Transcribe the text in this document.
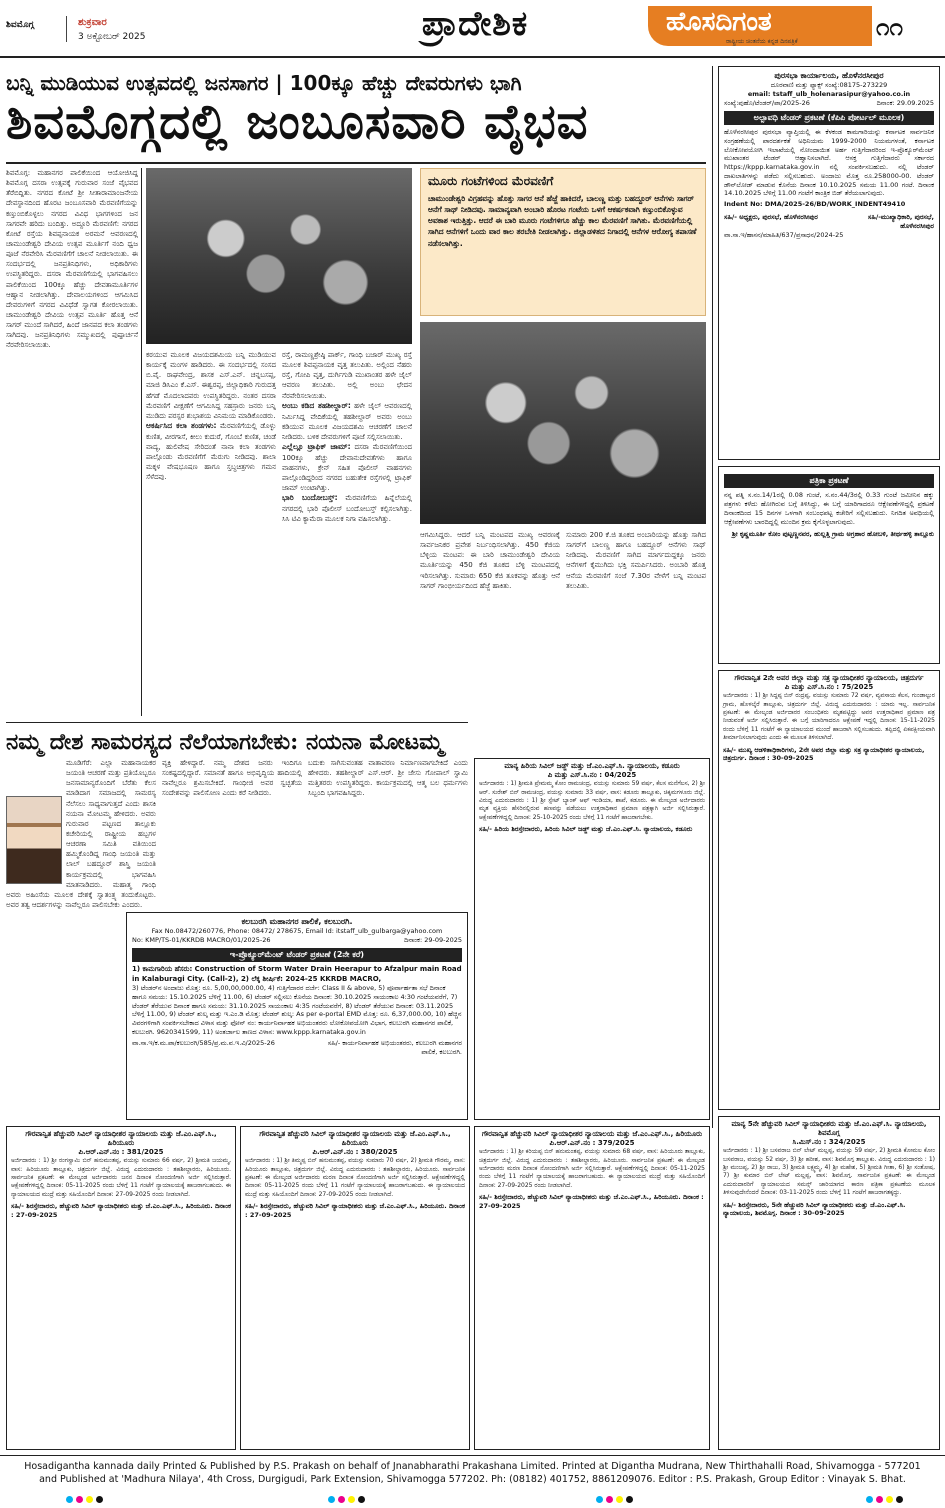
ಶಿವಮೊಗ್ಗ	ಶುಕ್ರವಾರ
3 ಅಕ್ಟೋಬರ್ 2025	ಪ್ರಾದೇಶಿಕ	ಹೊಸದಿಗಂತ
ರಾಷ್ಟ್ರೀಯ ಚಿಂತನೆಯ ಕನ್ನಡ ದಿನಪತ್ರಿಕೆ
೧೧
ಬನ್ನಿ ಮುಡಿಯುವ ಉತ್ಸವದಲ್ಲಿ ಜನಸಾಗರ | 100ಕ್ಕೂ ಹೆಚ್ಚು ದೇವರುಗಳು ಭಾಗಿ
ಶಿವಮೊಗ್ಗದಲ್ಲಿ ಜಂಬೂಸವಾರಿ ವೈಭವ
ಶಿವಮೊಗ್ಗ: ಮಹಾನಗರ ಪಾಲಿಕೆಯಿಂದ ಆಯೋಜಿಸಿದ್ದ ಶಿವಮೊಗ್ಗ ದಸರಾ ಉತ್ಸವಕ್ಕೆ ಗುರುವಾರ ಸಂಜೆ ವೈಭವದ ತೆರೆಬಿದ್ದಿತು. ನಗರದ ಕೋಟೆ ಶ್ರೀ ಸೀತಾರಾಮಾಂಜನೇಯ ದೇವಸ್ಥಾನದಿಂದ ಹೊರಟ ಜಂಬೂಸವಾರಿ ಮೆರವಣಿಗೆಯನ್ನು ಕಣ್ತುಂಬಿಕೊಳ್ಳಲು ನಗರದ ವಿವಿಧ ಭಾಗಗಳಿಂದ ಜನ ಸಾಗರವೇ ಹರಿದು ಬಂದಿತ್ತು. ಅದ್ದೂರಿ ಮೆರವಣಿಗೆ: ನಗರದ ಕೋಟೆ ರಸ್ತೆಯ ಶಿವಪ್ಪನಾಯಕ ಅರಮನೆ ಆವರಣದಲ್ಲಿ ಚಾಮುಂಡೇಶ್ವರಿ ದೇವಿಯ ಉತ್ಸವ ಮೂರ್ತಿಗೆ ನಂದಿ ಧ್ವಜ ಪೂಜೆ ನೆರವೇರಿಸಿ ಮೆರವಣಿಗೆಗೆ ಚಾಲನೆ ನೀಡಲಾಯಿತು. ಈ ಸಂದರ್ಭದಲ್ಲಿ ಜನಪ್ರತಿನಿಧಿಗಳು, ಅಧಿಕಾರಿಗಳು ಉಪಸ್ಥಿತರಿದ್ದರು. ದಸರಾ ಮೆರವಣಿಗೆಯಲ್ಲಿ ಭಾಗವಹಿಸಲು ಪಾಲಿಕೆಯಿಂದ 100ಕ್ಕೂ ಹೆಚ್ಚು ದೇವತಾಮೂರ್ತಿಗಳ ಆಹ್ವಾನ ನೀಡಲಾಗಿತ್ತು. ದೇವಾಲಯಗಳಿಂದ ಆಗಮಿಸಿದ ದೇವರುಗಳಿಗೆ ನಗರದ ವಿವಿಧೆಡೆ ಸ್ವಾಗತ ಕೋರಲಾಯಿತು. ಚಾಮುಂಡೇಶ್ವರಿ ದೇವಿಯ ಉತ್ಸವ ಮೂರ್ತಿ ಹೊತ್ತ ಆನೆ ಸಾಗರ್ ಮುಂದೆ ಸಾಗಿದರೆ, ಹಿಂದೆ ಜಾನಪದ ಕಲಾ ತಂಡಗಳು ಸಾಗಿದವು. ಜನಪ್ರತಿನಿಧಿಗಳು ಸಮ್ಮುಖದಲ್ಲಿ ಪುಷ್ಪಾರ್ಚನೆ ನೆರವೇರಿಸಲಾಯಿತು.
ಮೂರು ಗಂಟೆಗಳಿಂದ ಮೆರವಣಿಗೆ

ಚಾಮುಂಡೇಶ್ವರಿ ವಿಗ್ರಹವನ್ನು ಹೊತ್ತು ಸಾಗರ ಆನೆ ಹೆಜ್ಜೆ ಹಾಕಿದರೆ, ಬಾಲಣ್ಣ ಮತ್ತು ಬಹದ್ದೂರ್ ಆನೆಗಳು ಸಾಗರ್ ಆನೆಗೆ ಸಾಥ್ ನೀಡಿದವು. ಸಾಮಾನ್ಯವಾಗಿ ಅಂಬಾರಿ ಹೊರಟ ಗಂಟೆಯ ಒಳಗೆ ಆಕರ್ಷಕವಾಗಿ ಕಣ್ತುಂಬಿಕೊಳ್ಳುವ ಅವಕಾಶ ಇರುತ್ತಿತ್ತು. ಆದರೆ ಈ ಬಾರಿ ಮೂರು ಗಂಟೆಗಳಿಗೂ ಹೆಚ್ಚು ಕಾಲ ಮೆರವಣಿಗೆ ಸಾಗಿತು. ಮೆರವಣಿಗೆಯಲ್ಲಿ ಸಾಗಿದ ಆನೆಗಳಿಗೆ ಒಂದು ವಾರ ಕಾಲ ತರಬೇತಿ ನೀಡಲಾಗಿತ್ತು. ಜಿಲ್ಲಾಡಳಿತದ ನಿಗಾದಲ್ಲಿ ಆನೆಗಳ ಆರೋಗ್ಯ ತಪಾಸಣೆ ನಡೆಸಲಾಗಿತ್ತು.

ಕಠಯುವ ಮೂಲಕ ವಿಜಯದಶಮಿಯ ಬನ್ನಿ ಮುಡಿಯುವ ಕಾರ್ಯಕ್ಕೆ ಮಂಗಳ ಹಾಡಿದರು. ಈ ಸಂದರ್ಭದಲ್ಲಿ ಸಂಸದ ಬಿ.ವೈ. ರಾಘವೇಂದ್ರ, ಶಾಸಕ ಎಸ್.ಎನ್. ಚನ್ನಬಸಪ್ಪ, ಮಾಜಿ ಡಿಸಿಎಂ ಕೆ.ಎಸ್. ಈಶ್ವರಪ್ಪ, ಜಿಲ್ಲಾಧಿಕಾರಿ ಗುರುದತ್ತ ಹೆಗಡೆ ಮೊದಲಾದವರು ಉಪಸ್ಥಿತರಿದ್ದರು. ನಂತರ ದಸರಾ ಮೆರವಣಿಗೆ ವೀಕ್ಷಣೆಗೆ ಆಗಮಿಸಿದ್ದ ಸಹಸ್ರಾರು ಜನರು ಬನ್ನಿ ಮುಡಿದು ಪರಸ್ಪರ ಶುಭಾಶಯ ವಿನಿಮಯ ಮಾಡಿಕೊಂಡರು.
ಆಕರ್ಷಿಸಿದ ಕಲಾ ತಂಡಗಳು: ಮೆರವಣಿಗೆಯಲ್ಲಿ ಡೊಳ್ಳು ಕುಣಿತ, ವೀರಗಾಸೆ, ಕೀಲು ಕುದುರೆ, ಗೊಂಬೆ ಕುಣಿತ, ಚಂಡೆ ವಾದ್ಯ, ಹುಲಿವೇಷ ಸೇರಿದಂತೆ ನಾನಾ ಕಲಾ ತಂಡಗಳು ಪಾಲ್ಗೊಂಡು ಮೆರವಣಿಗೆಗೆ ಮೆರುಗು ನೀಡಿದವು. ಶಾಲಾ ಮಕ್ಕಳ ವೇಷಭೂಷಣ ಹಾಗೂ ಸ್ತಬ್ಧಚಿತ್ರಗಳು ಗಮನ ಸೆಳೆದವು.
ರಸ್ತೆ, ರಾಮಣ್ಣಶ್ರೇಷ್ಠಿ ಪಾರ್ಕ್, ಗಾಂಧಿ ಬಜಾರ್ ಮುಖ್ಯ ರಸ್ತೆ ಮೂಲಕ ಶಿವಪ್ಪನಾಯಕ ವೃತ್ತ ತಲುಪಿತು. ಅಲ್ಲಿಂದ ನೆಹರು ರಸ್ತೆ, ಗೋಪಿ ವೃತ್ತ, ದುರ್ಗಿಗುಡಿ ಮುಖಾಂತರ ಹಳೇ ಜೈಲ್ ಆವರಣ ತಲುಪಿತು. ಅಲ್ಲಿ ಅಂಬು ಛೇದನ ನೆರವೇರಿಸಲಾಯಿತು.
ಅಂಬು ಕಡಿದ ತಹಶೀಲ್ದಾರ್: ಹಳೇ ಜೈಲ್ ಆವರಣದಲ್ಲಿ ನಿರ್ಮಿಸಿದ್ದ ವೇದಿಕೆಯಲ್ಲಿ ತಹಶೀಲ್ದಾರ್ ಅವರು ಅಂಬು ಕಡಿಯುವ ಮೂಲಕ ವಿಜಯದಶಮಿ ಆಚರಣೆಗೆ ಚಾಲನೆ ನೀಡಿದರು. ಬಳಿಕ ದೇವರುಗಳಿಗೆ ಪೂಜೆ ಸಲ್ಲಿಸಲಾಯಿತು.
ಎಲ್ಲೆಲ್ಲೂ ಟ್ರಾಫಿಕ್ ಜಾಮ್: ದಸರಾ ಮೆರವಣಿಗೆಯಿಂದ 100ಕ್ಕೂ ಹೆಚ್ಚು ದೇವಾನುದೇವತೆಗಳು ಹಾಗೂ ವಾಹನಗಳು, ಕ್ರೇನ್ ಸಹಿತ ಪೊಲೀಸ್ ವಾಹನಗಳು ಪಾಲ್ಗೊಂಡಿದ್ದರಿಂದ ನಗರದ ಬಹುತೇಕ ರಸ್ತೆಗಳಲ್ಲಿ ಟ್ರಾಫಿಕ್ ಜಾಮ್ ಉಂಟಾಗಿತ್ತು.
ಭಾರಿ ಬಂದೋಬಸ್ತ್: ಮೆರವಣಿಗೆಯ ಹಿನ್ನೆಲೆಯಲ್ಲಿ ನಗರದಲ್ಲಿ ಭಾರಿ ಪೊಲೀಸ್ ಬಂದೋಬಸ್ತ್ ಕಲ್ಪಿಸಲಾಗಿತ್ತು. ಸಿಸಿ ಟಿವಿ ಕ್ಯಾಮೆರಾ ಮೂಲಕ ನಿಗಾ ವಹಿಸಲಾಗಿತ್ತು.
ಆಗಮಿಸಿದ್ದರು. ಆದರೆ ಬನ್ನಿ ಮಂಟಪದ ಮುಖ್ಯ ಆವರಣಕ್ಕೆ ಸಾರ್ವಜನಿಕರ ಪ್ರವೇಶ ನಿರ್ಬಂಧಿಸಲಾಗಿತ್ತು. 450 ಕೆಜಿಯ ಬೆಳ್ಳಿಯ ಮಂಟಪ: ಈ ಬಾರಿ ಚಾಮುಂಡೇಶ್ವರಿ ದೇವಿಯ ಮೂರ್ತಿಯನ್ನು 450 ಕೆಜಿ ತೂಕದ ಬೆಳ್ಳಿ ಮಂಟಪದಲ್ಲಿ ಇರಿಸಲಾಗಿತ್ತು. ಸುಮಾರು 650 ಕೆಜಿ ತೂಕವನ್ನು ಹೊತ್ತು ಆನೆ ಸಾಗರ್ ಗಾಂಭೀರ್ಯದಿಂದ ಹೆಜ್ಜೆ ಹಾಕಿತು.
ಸುಮಾರು 200 ಕೆ.ಜಿ ತೂಕದ ಅಂಬಾರಿಯನ್ನು ಹೊತ್ತು ಸಾಗಿದ ಸಾಗರ್‌ಗೆ ಬಾಲಣ್ಣ ಹಾಗೂ ಬಹದ್ದೂರ್ ಆನೆಗಳು ಸಾಥ್ ನೀಡಿದವು. ಮೆರವಣಿಗೆ ಸಾಗಿದ ಮಾರ್ಗದುದ್ದಕ್ಕೂ ಜನರು ಆನೆಗಳಿಗೆ ಕೈಮುಗಿದು ಭಕ್ತಿ ಸಮರ್ಪಿಸಿದರು. ಅಂಬಾರಿ ಹೊತ್ತ ಆನೆಯ ಮೆರವಣಿಗೆ ಸಂಜೆ 7.30ರ ವೇಳೆಗೆ ಬನ್ನಿ ಮಂಟಪ ತಲುಪಿತು.
ನಮ್ಮ ದೇಶ ಸಾಮರಸ್ಯದ ನೆಲೆಯಾಗಬೇಕು: ನಯನಾ ಮೋಟಮ್ಮ
ಮೂಡಿಗೆರೆ: ಎಲ್ಲಾ ಮಹಾನಾಯಕರ ಜಯಂತಿ ಆಚರಣೆ ಮತ್ತು ಪ್ರತಿಯೊಬ್ಬರೂ ಜನಸಾಮಾನ್ಯರೊಂದಿಗೆ ಬೆರೆತು ಕೆಲಸ ಮಾಡಿದಾಗ ಸಮಾಜದಲ್ಲಿ ಸಾಮರಸ್ಯ ನೆಲೆಸಲು ಸಾಧ್ಯವಾಗುತ್ತದೆ ಎಂದು ಶಾಸಕಿ ನಯನಾ ಮೋಟಮ್ಮ ಹೇಳಿದರು. ಅವರು ಗುರುವಾರ ಪಟ್ಟಣದ ತಾಲ್ಲೂಕು ಕಚೇರಿಯಲ್ಲಿ ರಾಷ್ಟ್ರೀಯ ಹಬ್ಬಗಳ ಆಚರಣಾ ಸಮಿತಿ ವತಿಯಿಂದ ಹಮ್ಮಿಕೊಂಡಿದ್ದ ಗಾಂಧಿ ಜಯಂತಿ ಮತ್ತು ಲಾಲ್ ಬಹದ್ದೂರ್ ಶಾಸ್ತ್ರಿ ಜಯಂತಿ ಕಾರ್ಯಕ್ರಮದಲ್ಲಿ ಭಾಗವಹಿಸಿ ಮಾತನಾಡಿದರು. ಮಹಾತ್ಮ ಗಾಂಧಿ ಅವರು ಅಹಿಂಸೆಯ ಮೂಲಕ ದೇಶಕ್ಕೆ ಸ್ವಾತಂತ್ರ್ಯ ತಂದುಕೊಟ್ಟರು. ಅವರ ತತ್ವ ಆದರ್ಶಗಳನ್ನು ನಾವೆಲ್ಲರೂ ಪಾಲಿಸಬೇಕು ಎಂದರು.
ವ್ಯಕ್ತಿ ಹೇಳಿದ್ದಾರೆ. ನಮ್ಮ ದೇಶದ ಜನರು ಇಂದಿಗೂ ಸಂಕಷ್ಟದಲ್ಲಿದ್ದಾರೆ. ಸಮಾನತೆ ಹಾಗೂ ಅಭಿವೃದ್ಧಿಯ ಹಾದಿಯಲ್ಲಿ ನಾವೆಲ್ಲರೂ ಶ್ರಮಿಸಬೇಕಿದೆ. ಗಾಂಧೀಜಿ ಅವರ ಸ್ವಚ್ಛತೆಯ ಸಂದೇಶವನ್ನು ಪಾಲಿಸೋಣ ಎಂದು ಕರೆ ನೀಡಿದರು.
ಬದುಕು ಸಾಗಿಸುವಂತಹ ವಾತಾವರಣ ನಿರ್ಮಾಣವಾಗಬೇಕಿದೆ ಎಂದು ಹೇಳಿದರು. ತಹಶೀಲ್ದಾರ್ ಎಸ್.ಆರ್. ಶ್ರೀ ಜೇಸು ಗೋಪಾಲ್ ಸ್ವಾಮಿ ಮತ್ತಿತರರು ಉಪಸ್ಥಿತರಿದ್ದರು. ಕಾರ್ಯಕ್ರಮದಲ್ಲಿ ಆತ್ಮ ಬಲ ಧರ್ಮಗಳು ಸಿಬ್ಬಂದಿ ಭಾಗವಹಿಸಿದ್ದರು.
ಕಲಬುರಗಿ ಮಹಾನಗರ ಪಾಲಿಕೆ, ಕಲಬುರಗಿ.
Fax No.08472/260776, Phone: 08472/ 278675, Email Id: itstaff_ulb_gulbarga@yahoo.com
No: KMP/TS-01/KKRDB MACRO/01/2025-26	ದಿನಾಂಕ: 29-09-2025
ಇ-ಪ್ರೊಕ್ಯೂರ್‌ಮೆಂಟ್ ಟೆಂಡರ್ ಪ್ರಕಟಣೆ (2ನೇ ಕರೆ)
1) ಕಾಮಗಾರಿಯ ಹೆಸರು: Construction of Storm Water Drain Heerapur to Afzalpur main Road in Kalaburagi City. (Call-2), 2) ಲೆಕ್ಕ ಶೀರ್ಷಿಕೆ: 2024-25 KKRDB MACRO,
3) ಟೆಂಡರ್‌ನ ಅಂದಾಜು ಮೊತ್ತ: ರೂ. 5,00,00,000.00, 4) ಗುತ್ತಿಗೆದಾರರ ದರ್ಜೆ: Class II & above, 5) ಪೂರ್ವಾರ್ಹತಾ ಸಭೆ ದಿನಾಂಕ ಹಾಗೂ ಸಮಯ: 15.10.2025 ಬೆಳಿಗ್ಗೆ 11.00, 6) ಟೆಂಡರ್ ಸಲ್ಲಿಸಲು ಕೊನೆಯ ದಿನಾಂಕ: 30.10.2025 ಸಾಯಂಕಾಲ 4:30 ಗಂಟೆಯವರೆಗೆ, 7) ಟೆಂಡರ್ ತೆರೆಯುವ ದಿನಾಂಕ ಹಾಗೂ ಸಮಯ: 31.10.2025 ಸಾಯಂಕಾಲ 4:35 ಗಂಟೆಯವರೆಗೆ, 8) ಟೆಂಡರ್ ತೆರೆಯುವ ದಿನಾಂಕ: 03.11.2025 ಬೆಳಿಗ್ಗೆ 11.00, 9) ಟೆಂಡರ್ ಶುಲ್ಕ ಮತ್ತು ಇ.ಎಂ.ಡಿ ಮೊತ್ತ: ಟೆಂಡರ್ ಶುಲ್ಕ: As per e-portal EMD ಮೊತ್ತ: ರೂ. 6,37,000.00, 10) ಹೆಚ್ಚಿನ ವಿವರಗಳಿಗಾಗಿ ಸಂಪರ್ಕಿಸಬೇಕಾದ ವಿಳಾಸ ಮತ್ತು ಫೋನ್ ನಂ: ಕಾರ್ಯನಿರ್ವಾಹಕ ಅಭಿಯಂತರರು ಲೋಕೋಪಯೋಗಿ ವಿಭಾಗ, ಕಲಬುರಗಿ ಮಹಾನಗರ ಪಾಲಿಕೆ, ಕಲಬುರಗಿ. 9620341599, 11) ಅಂತರ್ಜಾಲ ತಾಣದ ವಿಳಾಸ: www.kppp.karnataka.gov.in
ವಾ.ಸಾ.ಇ/ಕ.ಮ.ಪಾ/ಕಲಬುರಗಿ/585/ಪ್ರ.ಮ.ವ.ಇ.ವಿ/2025-26	ಸಹಿ/- ಕಾರ್ಯನಿರ್ವಾಹಕ ಅಭಿಯಂತರರು, ಕಲಬುರಗಿ ಮಹಾನಗರ ಪಾಲಿಕೆ, ಕಲಬುರಗಿ.
ಪುರಸಭಾ ಕಾರ್ಯಾಲಯ, ಹೊಳೆನರಸೀಪುರ
ದೂರವಾಣಿ ಮತ್ತು ಫ್ಯಾಕ್ಸ್ ಸಂಖ್ಯೆ:08175-273229
email: tstaff_ulb_holenarasipur@yahoo.co.in
ಸಂಖ್ಯೆ:ಪುಹೊ/ಟೆಂಡರ್/ಪಾ/2025-26	ದಿನಾಂಕ: 29.09.2025
ಅಲ್ಪಾವಧಿ ಟೆಂಡರ್ ಪ್ರಕಟಣೆ (ಕೆಪಿಪಿ ಪೋರ್ಟಲ್ ಮೂಲಕ)
ಹೊಳೆನರಸೀಪುರ ಪುರಸಭಾ ವ್ಯಾಪ್ತಿಯಲ್ಲಿ ಈ ಕೆಳಕಂಡ ಕಾಮಗಾರಿಯನ್ನು ಕರ್ನಾಟಕ ಸಾರ್ವಜನಿಕ ಸಂಗ್ರಹಣೆಯಲ್ಲಿ ಪಾರದರ್ಶಕತೆ ಅಧಿನಿಯಮ 1999-2000 ನಿಯಮಗಳಂತೆ, ಕರ್ನಾಟಕ ಲೋಕೋಪಯೋಗಿ ಇಲಾಖೆಯಲ್ಲಿ ನೋಂದಾಯಿತ ಅರ್ಹ ಗುತ್ತಿಗೆದಾರರಿಂದ ಇ-ಪ್ರೊಕ್ಯೂರ್‌ಮೆಂಟ್ ಮುಖಾಂತರ ಟೆಂಡರ್ ಆಹ್ವಾನಿಸಲಾಗಿದೆ. ಆಸಕ್ತ ಗುತ್ತಿಗೆದಾರರು ಸರ್ಕಾರದ https://kppp.karnataka.gov.in ನಲ್ಲಿ ಸಂಪರ್ಕಿಸಬಹುದು. ನಲ್ಲಿ ಟೆಂಡರ್ ದಾಖಲಾತಿಗಳನ್ನು ಪಡೆದು ಸಲ್ಲಿಸಬಹುದು. ಅಂದಾಜು ಮೊತ್ತ ರೂ.258000-00. ಟೆಂಡರ್ ಡೌನ್‌ಲೋಡ್ ಮಾಡುವ ಕೊನೆಯ ದಿನಾಂಕ 10.10.2025 ಸಮಯ 11.00 ಗಂಟೆ. ದಿನಾಂಕ 14.10.2025 ಬೆಳಿಗ್ಗೆ 11.00 ಗಂಟೆಗೆ ಕಾಂತ್ರಿಕ ಬಿಡ್ ತೆರೆಯಲಾಗುವುದು.
Indent No: DMA/2025-26/BD/WORK_INDENT49410
ಸಹಿ/- ಅಧ್ಯಕ್ಷರು, ಪುರಸಭೆ, ಹೊಳೆನರಸೀಪುರ	ಸಹಿ/-ಮುಖ್ಯಾಧಿಕಾರಿ, ಪುರಸಭೆ, ಹೊಳೆನರಸೀಪುರ
ವಾ.ಸಾ.ಇ/ಹಾಸನ/ಮಾಹಿತಿ/637/ಪ್ರಸಾಧನ/2024-25
ಪತ್ರಿಕಾ ಪ್ರಕಟಣೆ
ನನ್ನ ಪತ್ನಿ ಸ.ನಂ.14/1ರಲ್ಲಿ 0.08 ಗುಂಟೆ, ಸ.ನಂ.44/3ರಲ್ಲಿ 0.33 ಗುಂಟೆ ಜಮೀನಿನ ಹಕ್ಕು ಪತ್ರಗಳು ಕಳೆದು ಹೋಗಿರುವ ಬಗ್ಗೆ ತಿಳಿಸಿದ್ದು, ಈ ಬಗ್ಗೆ ಯಾರಿಗಾದರೂ ಆಕ್ಷೇಪಣೆಗಳಿದ್ದಲ್ಲಿ ಪ್ರಕಟಣೆ ದಿನಾಂಕದಿಂದ 15 ದಿನಗಳ ಒಳಗಾಗಿ ಸಂಬಂಧಪಟ್ಟ ಕಚೇರಿಗೆ ಸಲ್ಲಿಸಬಹುದು. ನಿಗದಿತ ಅವಧಿಯಲ್ಲಿ ಆಕ್ಷೇಪಣೆಗಳು ಬಾರದಿದ್ದಲ್ಲಿ ಮುಂದಿನ ಕ್ರಮ ಕೈಗೊಳ್ಳಲಾಗುವುದು.
ಶ್ರೀ ಕೃಷ್ಣಮೂರ್ತಿ ಕೋಂ ಪುಟ್ಟಣ್ಣನವರ, ಹುಲ್ಲತ್ತಿ ಗ್ರಾಮ ಅಗ್ರಹಾರ ಹೋಬಳಿ, ತೀರ್ಥಹಳ್ಳಿ ತಾಲ್ಲೂಕು
ಗೌರವಾನ್ವಿತ 2ನೇ ಅಪರ ಜಿಲ್ಲಾ ಮತ್ತು ಸತ್ರ ನ್ಯಾಯಾಧೀಶರ ನ್ಯಾಯಾಲಯ, ಚಿತ್ರದುರ್ಗ
ಪಿ ಮತ್ತು ಎಸ್.ಸಿ.ನಂ : 75/2025
ಅರ್ಜಿದಾರರು : 1) ಶ್ರೀ ಸಿದ್ದಪ್ಪ ಬಿನ್ ರುದ್ರಪ್ಪ, ವಯಸ್ಸು ಸುಮಾರು 72 ವರ್ಷ, ವ್ಯವಸಾಯ ಕೆಲಸ, ಗುಂಡಾಲ್ಪುರ ಗ್ರಾಮ, ಹೊಳಲ್ಕೆರೆ ತಾಲ್ಲೂಕು, ಚಿತ್ರದುರ್ಗ ಜಿಲ್ಲೆ. ವಿರುದ್ಧ ಎದುರುದಾರರು : ಯಾರು ಇಲ್ಲ. ಸಾರ್ವಜನಿಕ ಪ್ರಕಟಣೆ: ಈ ಮೇಲ್ಕಂಡ ಅರ್ಜಿದಾರರ ಸಂಬಂಧಿಕರು ಮೃತಪಟ್ಟಿದ್ದು ಅವರ ಉತ್ತರಾಧಿಕಾರ ಪ್ರಮಾಣ ಪತ್ರ ನೀಡುವಂತೆ ಅರ್ಜಿ ಸಲ್ಲಿಸಿರುತ್ತಾರೆ. ಈ ಬಗ್ಗೆ ಯಾರಿಗಾದರೂ ಆಕ್ಷೇಪಣೆ ಇದ್ದಲ್ಲಿ ದಿನಾಂಕ: 15-11-2025 ರಂದು ಬೆಳಿಗ್ಗೆ 11 ಗಂಟೆಗೆ ಈ ನ್ಯಾಯಾಲಯದ ಮುಂದೆ ಹಾಜರಾಗಿ ಸಲ್ಲಿಸಬಹುದು. ತಪ್ಪಿದಲ್ಲಿ ಏಕಪಕ್ಷೀಯವಾಗಿ ತೀರ್ಮಾನಿಸಲಾಗುವುದು ಎಂದು ಈ ಮೂಲಕ ತಿಳಿಸಲಾಗಿದೆ.
ಸಹಿ/- ಮುಖ್ಯ ಆಡಳಿತಾಧಿಕಾರಿಗಳು, 2ನೇ ಅಪರ ಜಿಲ್ಲಾ ಮತ್ತು ಸತ್ರ ನ್ಯಾಯಾಧೀಶರ ನ್ಯಾಯಾಲಯ, ಚಿತ್ರದುರ್ಗ. ದಿನಾಂಕ : 30-09-2025
ಮಾನ್ಯ ಹಿರಿಯ ಸಿವಿಲ್ ಜಡ್ಜ್ ಮತ್ತು ಜೆ.ಎಂ.ಎಫ್.ಸಿ. ನ್ಯಾಯಾಲಯ, ಕಡೂರು
ಪಿ ಮತ್ತು ಎಸ್.ಸಿ.ನಂ : 04/2025
ಅರ್ಜಿದಾರರು : 1) ಶ್ರೀಮತಿ ಪ್ರೇಮಮ್ಮ ಕೋಂ ರಾಮಚಂದ್ರ, ವಯಸ್ಸು ಸುಮಾರು 59 ವರ್ಷ, ಕೆಲಸ ಮನೆಗೆಲಸ, 2) ಶ್ರೀ ಆರ್. ಸುರೇಶ್ ಬಿನ್ ರಾಮಚಂದ್ರ, ವಯಸ್ಸು ಸುಮಾರು 33 ವರ್ಷ, ವಾಸ: ಕಡೂರು ತಾಲ್ಲೂಕು, ಚಿಕ್ಕಮಗಳೂರು ಜಿಲ್ಲೆ. ವಿರುದ್ಧ ಎದುರುದಾರರು : 1) ಶ್ರೀ ಸ್ಟೇಟ್ ಬ್ಯಾಂಕ್ ಆಫ್ ಇಂಡಿಯಾ, ಶಾಖೆ, ಕಡೂರು. ಈ ಮೇಲ್ಕಂಡ ಅರ್ಜಿದಾರರು ಮೃತ ವ್ಯಕ್ತಿಯ ಹೆಸರಿನಲ್ಲಿರುವ ಹಣವನ್ನು ಪಡೆಯಲು ಉತ್ತರಾಧಿಕಾರ ಪ್ರಮಾಣ ಪತ್ರಕ್ಕಾಗಿ ಅರ್ಜಿ ಸಲ್ಲಿಸಿರುತ್ತಾರೆ. ಆಕ್ಷೇಪಣೆಗಳಿದ್ದಲ್ಲಿ ದಿನಾಂಕ: 25-10-2025 ರಂದು ಬೆಳಿಗ್ಗೆ 11 ಗಂಟೆಗೆ ಹಾಜರಾಗಬೇಕು.
ಸಹಿ/- ಹಿರಿಯ ಶಿರಸ್ತೇದಾರರು, ಹಿರಿಯ ಸಿವಿಲ್ ಜಡ್ಜ್ ಮತ್ತು ಜೆ.ಎಂ.ಎಫ್.ಸಿ. ನ್ಯಾಯಾಲಯ, ಕಡೂರು
ಮಾನ್ಯ 5ನೇ ಹೆಚ್ಚುವರಿ ಸಿವಿಲ್ ನ್ಯಾಯಾಧೀಶರು ಮತ್ತು ಜೆ.ಎಂ.ಎಫ್.ಸಿ. ನ್ಯಾಯಾಲಯ, ಶಿವಮೊಗ್ಗ
ಸಿ.ಮಿಸ್.ನಂ : 324/2025
ಅರ್ಜಿದಾರರು : 1) ಶ್ರೀ ಬಸವರಾಜ ಬಿನ್ ಲೇಟ್ ಮಲ್ಲಪ್ಪ, ವಯಸ್ಸು 59 ವರ್ಷ, 2) ಶ್ರೀಮತಿ ಕೋಮಲ ಕೋಂ ಬಸವರಾಜ, ವಯಸ್ಸು 52 ವರ್ಷ, 3) ಶ್ರೀ ಹರೀಶ, ವಾಸ: ಶಿವಮೊಗ್ಗ ತಾಲ್ಲೂಕು. ವಿರುದ್ಧ ಎದುರುದಾರರು : 1) ಶ್ರೀ ಮಂಜಪ್ಪ, 2) ಶ್ರೀ ರಾಜು, 3) ಶ್ರೀಮತಿ ಲಕ್ಷ್ಮಮ್ಮ, 4) ಶ್ರೀ ಮಹೇಶ, 5) ಶ್ರೀಮತಿ ಗೀತಾ, 6) ಶ್ರೀ ಸಂತೋಷ, 7) ಶ್ರೀ ಕುಮಾರ ಬಿನ್ ಲೇಟ್ ಮಲ್ಲಪ್ಪ, ವಾಸ: ಶಿವಮೊಗ್ಗ. ಸಾರ್ವಜನಿಕ ಪ್ರಕಟಣೆ: ಈ ಮೇಲ್ಕಂಡ ಎದುರುದಾರರಿಗೆ ನ್ಯಾಯಾಲಯದ ಸಮನ್ಸ್ ಜಾರಿಯಾಗದ ಕಾರಣ ಪತ್ರಿಕಾ ಪ್ರಕಟಣೆಯ ಮೂಲಕ ತಿಳಿಸುವುದೇನೆಂದರೆ ದಿನಾಂಕ: 03-11-2025 ರಂದು ಬೆಳಿಗ್ಗೆ 11 ಗಂಟೆಗೆ ಹಾಜರಾಗತಕ್ಕದ್ದು.
ಸಹಿ/- ಶಿರಸ್ತೇದಾರರು, 5ನೇ ಹೆಚ್ಚುವರಿ ಸಿವಿಲ್ ನ್ಯಾಯಾಧೀಶರು ಮತ್ತು ಜೆ.ಎಂ.ಎಫ್.ಸಿ. ನ್ಯಾಯಾಲಯ, ಶಿವಮೊಗ್ಗ. ದಿನಾಂಕ : 30-09-2025
ಗೌರವಾನ್ವಿತ ಹೆಚ್ಚುವರಿ ಸಿವಿಲ್ ನ್ಯಾಯಾಧೀಶರ ನ್ಯಾಯಾಲಯ ಮತ್ತು ಜೆ.ಎಂ.ಎಫ್.ಸಿ., ಹಿರಿಯೂರು
ಪಿ.ಆರ್.ಎನ್.ನಂ : 381/2025
ಅರ್ಜಿದಾರರು : 1) ಶ್ರೀ ರಂಗಸ್ವಾಮಿ ಬಿನ್ ಹನುಮಂತಪ್ಪ, ವಯಸ್ಸು ಸುಮಾರು 66 ವರ್ಷ, 2) ಶ್ರೀಮತಿ ಜಯಮ್ಮ, ವಾಸ: ಹಿರಿಯೂರು ತಾಲ್ಲೂಕು, ಚಿತ್ರದುರ್ಗ ಜಿಲ್ಲೆ. ವಿರುದ್ಧ ಎದುರುದಾರರು : ತಹಶೀಲ್ದಾರರು, ಹಿರಿಯೂರು. ಸಾರ್ವಜನಿಕ ಪ್ರಕಟಣೆ: ಈ ಮೇಲ್ಕಂಡ ಅರ್ಜಿದಾರರು ಜನನ ದಿನಾಂಕ ನೋಂದಣಿಗಾಗಿ ಅರ್ಜಿ ಸಲ್ಲಿಸಿರುತ್ತಾರೆ. ಆಕ್ಷೇಪಣೆಗಳಿದ್ದಲ್ಲಿ ದಿನಾಂಕ: 05-11-2025 ರಂದು ಬೆಳಿಗ್ಗೆ 11 ಗಂಟೆಗೆ ನ್ಯಾಯಾಲಯಕ್ಕೆ ಹಾಜರಾಗಬಹುದು. ಈ ನ್ಯಾಯಾಲಯದ ಮುದ್ರೆ ಮತ್ತು ಸಹಿಯೊಂದಿಗೆ ದಿನಾಂಕ: 27-09-2025 ರಂದು ನೀಡಲಾಗಿದೆ.
ಸಹಿ/- ಶಿರಸ್ತೇದಾರರು, ಹೆಚ್ಚುವರಿ ಸಿವಿಲ್ ನ್ಯಾಯಾಧೀಶರು ಮತ್ತು ಜೆ.ಎಂ.ಎಫ್.ಸಿ., ಹಿರಿಯೂರು. ದಿನಾಂಕ : 27-09-2025
ಗೌರವಾನ್ವಿತ ಹೆಚ್ಚುವರಿ ಸಿವಿಲ್ ನ್ಯಾಯಾಧೀಶರ ನ್ಯಾಯಾಲಯ ಮತ್ತು ಜೆ.ಎಂ.ಎಫ್.ಸಿ., ಹಿರಿಯೂರು
ಪಿ.ಆರ್.ಎನ್.ನಂ : 380/2025
ಅರ್ಜಿದಾರರು : 1) ಶ್ರೀ ತಿಮ್ಮಪ್ಪ ಬಿನ್ ಹನುಮಂತಪ್ಪ, ವಯಸ್ಸು ಸುಮಾರು 70 ವರ್ಷ, 2) ಶ್ರೀಮತಿ ಗೌರಮ್ಮ, ವಾಸ: ಹಿರಿಯೂರು ತಾಲ್ಲೂಕು, ಚಿತ್ರದುರ್ಗ ಜಿಲ್ಲೆ. ವಿರುದ್ಧ ಎದುರುದಾರರು : ತಹಶೀಲ್ದಾರರು, ಹಿರಿಯೂರು. ಸಾರ್ವಜನಿಕ ಪ್ರಕಟಣೆ: ಈ ಮೇಲ್ಕಂಡ ಅರ್ಜಿದಾರರು ಮರಣ ದಿನಾಂಕ ನೋಂದಣಿಗಾಗಿ ಅರ್ಜಿ ಸಲ್ಲಿಸಿರುತ್ತಾರೆ. ಆಕ್ಷೇಪಣೆಗಳಿದ್ದಲ್ಲಿ ದಿನಾಂಕ: 05-11-2025 ರಂದು ಬೆಳಿಗ್ಗೆ 11 ಗಂಟೆಗೆ ನ್ಯಾಯಾಲಯಕ್ಕೆ ಹಾಜರಾಗಬಹುದು. ಈ ನ್ಯಾಯಾಲಯದ ಮುದ್ರೆ ಮತ್ತು ಸಹಿಯೊಂದಿಗೆ ದಿನಾಂಕ: 27-09-2025 ರಂದು ನೀಡಲಾಗಿದೆ.
ಸಹಿ/- ಶಿರಸ್ತೇದಾರರು, ಹೆಚ್ಚುವರಿ ಸಿವಿಲ್ ನ್ಯಾಯಾಧೀಶರು ಮತ್ತು ಜೆ.ಎಂ.ಎಫ್.ಸಿ., ಹಿರಿಯೂರು. ದಿನಾಂಕ : 27-09-2025
ಗೌರವಾನ್ವಿತ ಹೆಚ್ಚುವರಿ ಸಿವಿಲ್ ನ್ಯಾಯಾಧೀಶರ ನ್ಯಾಯಾಲಯ ಮತ್ತು ಜೆ.ಎಂ.ಎಫ್.ಸಿ., ಹಿರಿಯೂರು
ಪಿ.ಆರ್.ಎನ್.ನಂ : 379/2025
ಅರ್ಜಿದಾರರು : 1) ಶ್ರೀ ಕರಿಯಪ್ಪ ಬಿನ್ ಹನುಮಂತಪ್ಪ, ವಯಸ್ಸು ಸುಮಾರು 68 ವರ್ಷ, ವಾಸ: ಹಿರಿಯೂರು ತಾಲ್ಲೂಕು, ಚಿತ್ರದುರ್ಗ ಜಿಲ್ಲೆ. ವಿರುದ್ಧ ಎದುರುದಾರರು : ತಹಶೀಲ್ದಾರರು, ಹಿರಿಯೂರು. ಸಾರ್ವಜನಿಕ ಪ್ರಕಟಣೆ: ಈ ಮೇಲ್ಕಂಡ ಅರ್ಜಿದಾರರು ಮರಣ ದಿನಾಂಕ ನೋಂದಣಿಗಾಗಿ ಅರ್ಜಿ ಸಲ್ಲಿಸಿರುತ್ತಾರೆ. ಆಕ್ಷೇಪಣೆಗಳಿದ್ದಲ್ಲಿ ದಿನಾಂಕ: 05-11-2025 ರಂದು ಬೆಳಿಗ್ಗೆ 11 ಗಂಟೆಗೆ ನ್ಯಾಯಾಲಯಕ್ಕೆ ಹಾಜರಾಗಬಹುದು. ಈ ನ್ಯಾಯಾಲಯದ ಮುದ್ರೆ ಮತ್ತು ಸಹಿಯೊಂದಿಗೆ ದಿನಾಂಕ: 27-09-2025 ರಂದು ನೀಡಲಾಗಿದೆ.
ಸಹಿ/- ಶಿರಸ್ತೇದಾರರು, ಹೆಚ್ಚುವರಿ ಸಿವಿಲ್ ನ್ಯಾಯಾಧೀಶರು ಮತ್ತು ಜೆ.ಎಂ.ಎಫ್.ಸಿ., ಹಿರಿಯೂರು. ದಿನಾಂಕ : 27-09-2025
Hosadigantha kannada daily Printed & Published by P.S. Prakash on behalf of Jnanabharathi Prakashana Limited. Printed at Digantha Mudrana, New Thirthahalli Road, Shivamogga - 577201
and Published at 'Madhura Nilaya', 4th Cross, Durgigudi, Park Extension, Shivamogga 577202. Ph: (08182) 401752, 8861209076. Editor : P.S. Prakash, Group Editor : Vinayak S. Bhat.
